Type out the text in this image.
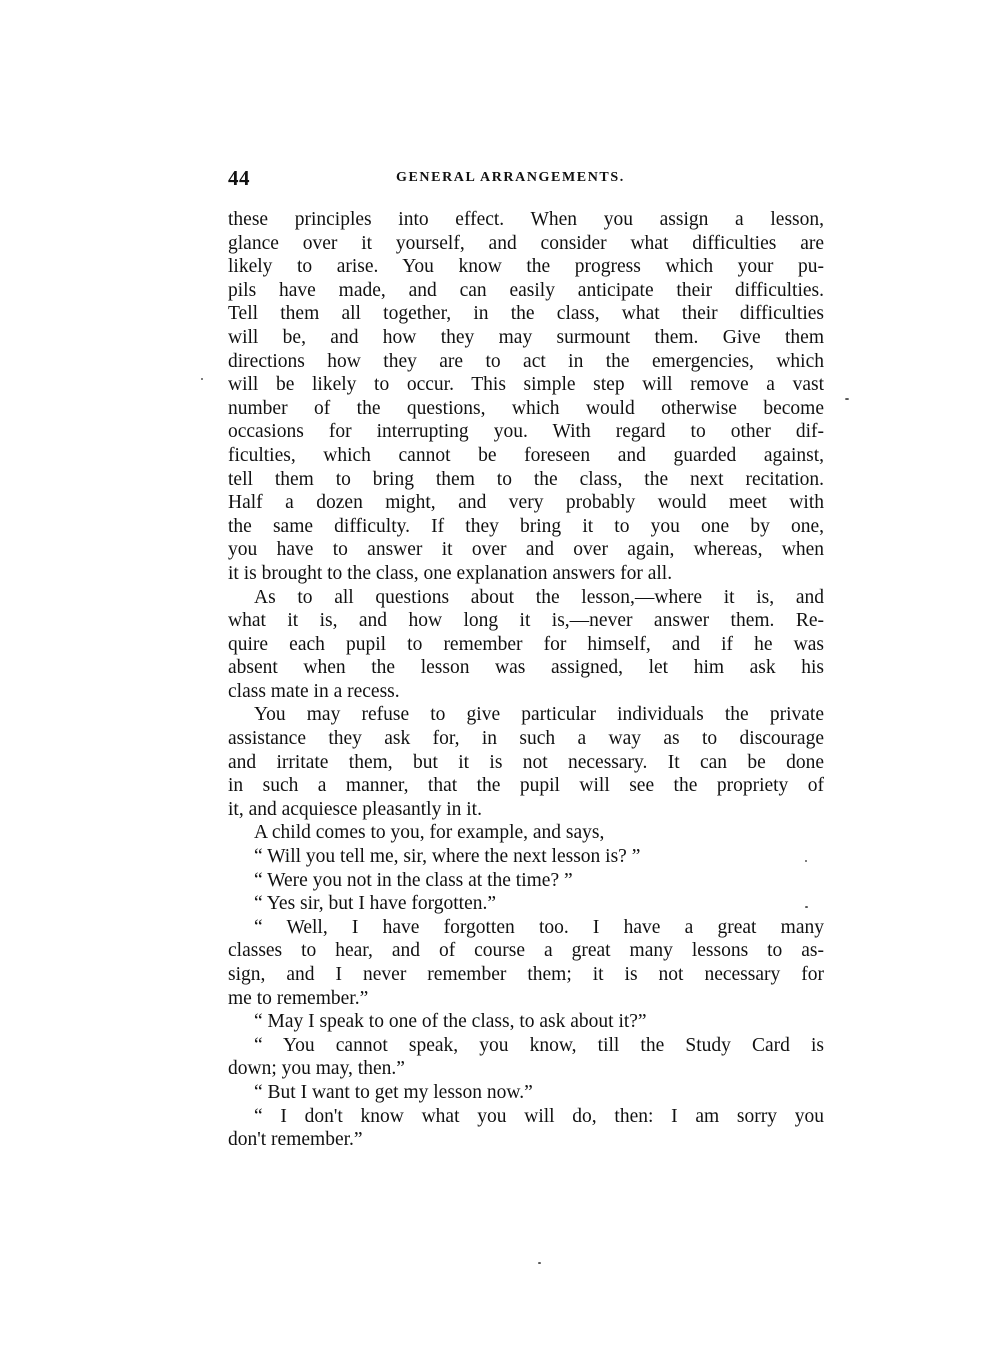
44	GENERAL ARRANGEMENTS.
these principles into effect. When you assign a lesson,
glance over it yourself, and consider what difficulties are
likely to arise. You know the progress which your pu-
pils have made, and can easily anticipate their difficulties.
Tell them all together, in the class, what their difficulties
will be, and how they may surmount them. Give them
directions how they are to act in the emergencies, which
will be likely to occur. This simple step will remove a vast
number of the questions, which would otherwise become
occasions for interrupting you. With regard to other dif-
ficulties, which cannot be foreseen and guarded against,
tell them to bring them to the class, the next recitation.
Half a dozen might, and very probably would meet with
the same difficulty. If they bring it to you one by one,
you have to answer it over and over again, whereas, when
it is brought to the class, one explanation answers for all.
As to all questions about the lesson,—where it is, and
what it is, and how long it is,—never answer them. Re-
quire each pupil to remember for himself, and if he was
absent when the lesson was assigned, let him ask his
class mate in a recess.
You may refuse to give particular individuals the private
assistance they ask for, in such a way as to discourage
and irritate them, but it is not necessary. It can be done
in such a manner, that the pupil will see the propriety of
it, and acquiesce pleasantly in it.
A child comes to you, for example, and says,
“ Will you tell me, sir, where the next lesson is? ”
“ Were you not in the class at the time? ”
“ Yes sir, but I have forgotten.”
“ Well, I have forgotten too. I have a great many
classes to hear, and of course a great many lessons to as-
sign, and I never remember them; it is not necessary for
me to remember.”
“ May I speak to one of the class, to ask about it?”
“ You cannot speak, you know, till the Study Card is
down; you may, then.”
“ But I want to get my lesson now.”
“ I don't know what you will do, then: I am sorry you
don't remember.”
